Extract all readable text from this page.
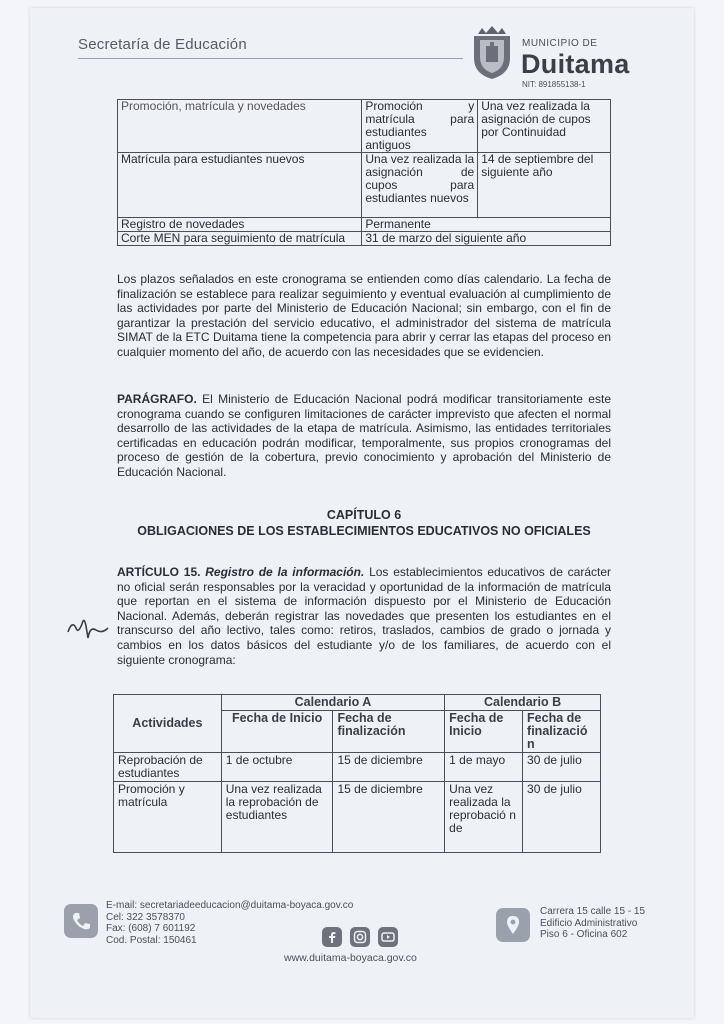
Secretaría de Educación	MUNICIPIO DE
Duitama
NIT: 891855138-1
Promoción, matrícula y novedades	Promoción y matrícula para estudiantes antiguos	Una vez realizada la asignación de cupos por Continuidad
Matrícula para estudiantes nuevos	Una vez realizada la asignación de cupos para estudiantes nuevos	14 de septiembre del siguiente año
Registro de novedades	Permanente	
Corte MEN para seguimiento de matrícula	31 de marzo del siguiente año	
Los plazos señalados en este cronograma se entienden como días calendario. La fecha de finalización se establece para realizar seguimiento y eventual evaluación al cumplimiento de las actividades por parte del Ministerio de Educación Nacional; sin embargo, con el fin de garantizar la prestación del servicio educativo, el administrador del sistema de matrícula SIMAT de la ETC Duitama tiene la competencia para abrir y cerrar las etapas del proceso en cualquier momento del año, de acuerdo con las necesidades que se evidencien.
PARÁGRAFO. El Ministerio de Educación Nacional podrá modificar transitoriamente este cronograma cuando se configuren limitaciones de carácter imprevisto que afecten el normal desarrollo de las actividades de la etapa de matrícula. Asimismo, las entidades territoriales certificadas en educación podrán modificar, temporalmente, sus propios cronogramas del proceso de gestión de la cobertura, previo conocimiento y aprobación del Ministerio de Educación Nacional.
CAPÍTULO 6
OBLIGACIONES DE LOS ESTABLECIMIENTOS EDUCATIVOS NO OFICIALES
ARTÍCULO 15. Registro de la información. Los establecimientos educativos de carácter no oficial serán responsables por la veracidad y oportunidad de la información de matrícula que reportan en el sistema de información dispuesto por el Ministerio de Educación Nacional. Además, deberán registrar las novedades que presenten los estudiantes en el transcurso del año lectivo, tales como: retiros, traslados, cambios de grado o jornada y cambios en los datos básicos del estudiante y/o de los familiares, de acuerdo con el siguiente cronograma:
Actividades	Calendario A		Calendario B	
	Fecha de Inicio	Fecha de finalización	Fecha de Inicio	Fecha de finalizació n
Reprobación de estudiantes	1 de octubre	15 de diciembre	1 de mayo	30 de julio
Promoción y matrícula	Una vez realizada la reprobación de estudiantes	15 de diciembre	Una vez realizada la reprobació n de	30 de julio
E-mail: secretariadeeducacion@duitama-boyaca.gov.co
Cel: 322 3578370
Fax: (608) 7 601192
Cod. Postal: 150461
www.duitama-boyaca.gov.co
Carrera 15 calle 15 - 15
Edificio Administrativo
Piso 6 - Oficina 602
